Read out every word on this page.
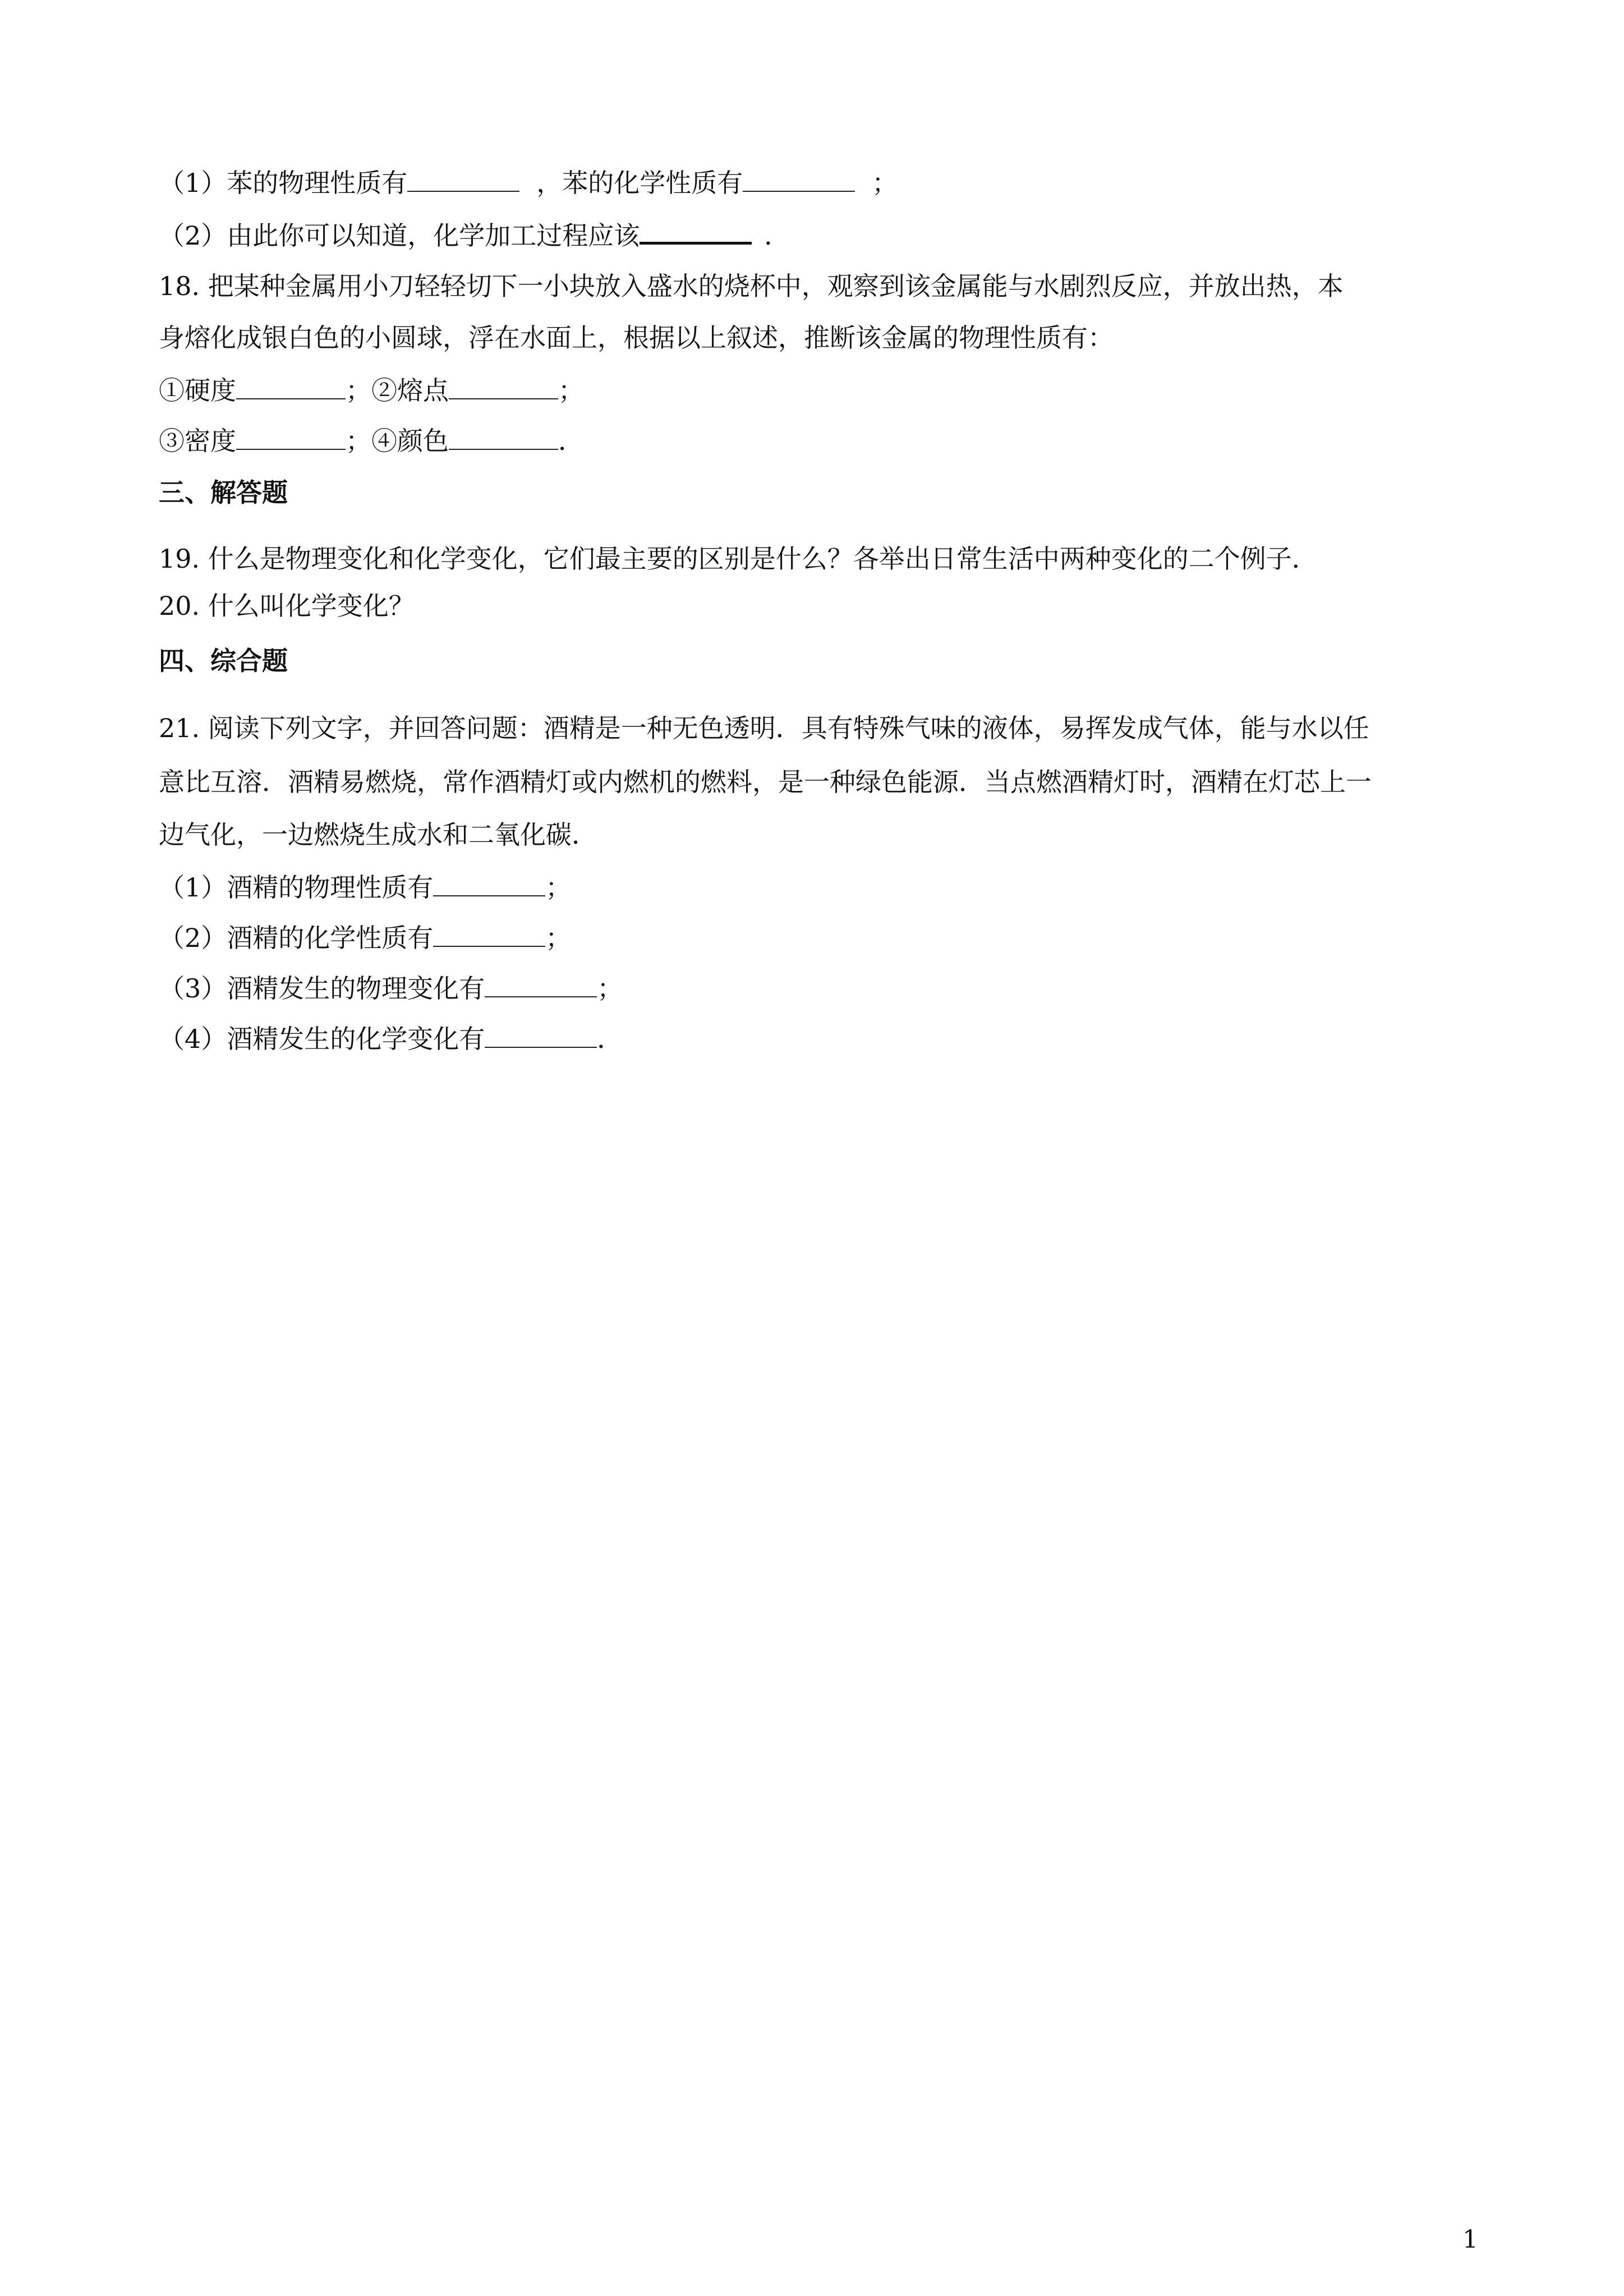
（1）苯的物理性质有	，苯的化学性质有	；
（2）由此你可以知道，化学加工过程应该	．
18. 把某种金属用小刀轻轻切下一小块放入盛水的烧杯中，观察到该金属能与水剧烈反应，并放出热，本
身熔化成银白色的小圆球，浮在水面上，根据以上叙述，推断该金属的物理性质有：
①硬度	；②熔点	；
③密度	；④颜色	．
三、解答题
19. 什么是物理变化和化学变化，它们最主要的区别是什么？各举出日常生活中两种变化的二个例子．
20. 什么叫化学变化？
四、综合题
21. 阅读下列文字，并回答问题：酒精是一种无色透明．具有特殊气味的液体，易挥发成气体，能与水以任
意比互溶．酒精易燃烧，常作酒精灯或内燃机的燃料，是一种绿色能源．当点燃酒精灯时，酒精在灯芯上一
边气化，一边燃烧生成水和二氧化碳．
（1）酒精的物理性质有	；
（2）酒精的化学性质有	；
（3）酒精发生的物理变化有	；
（4）酒精发生的化学变化有	．
1
